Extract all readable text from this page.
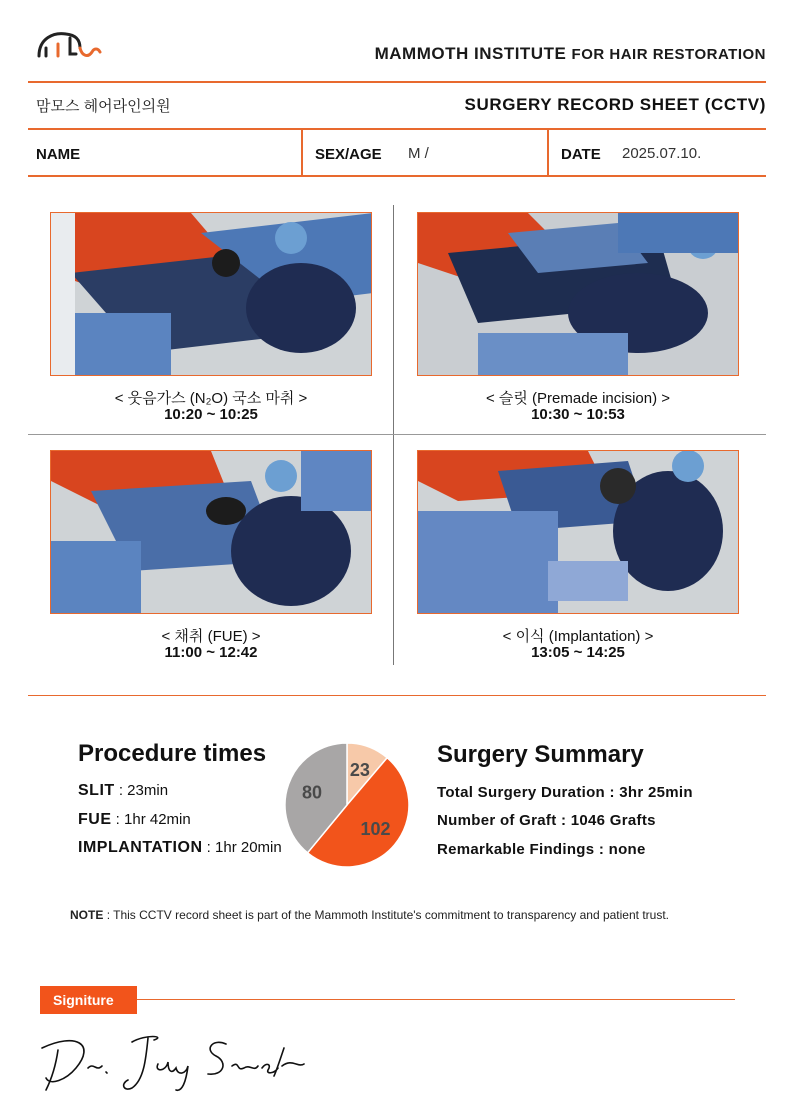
MAMMOTH INSTITUTE FOR HAIR RESTORATION
맘모스 헤어라인의원	SURGERY RECORD SHEET (CCTV)
NAME	SEX/AGE M /	DATE 2025.07.10.
< 웃음가스 (N₂O) 국소 마취 >
10:20 ~ 10:25
< 슬릿 (Premade incision) >
10:30 ~ 10:53
< 채취 (FUE) >
11:00 ~ 12:42
< 이식 (Implantation) >
13:05 ~ 14:25
Procedure times
SLIT : 23min
FUE : 1hr 42min
IMPLANTATION : 1hr 20min
23
102
80
Surgery Summary
Total Surgery Duration : 3hr 25min
Number of Graft : 1046 Grafts
Remarkable Findings : none
NOTE : This CCTV record sheet is part of the Mammoth Institute's commitment to transparency and patient trust.
Signiture
